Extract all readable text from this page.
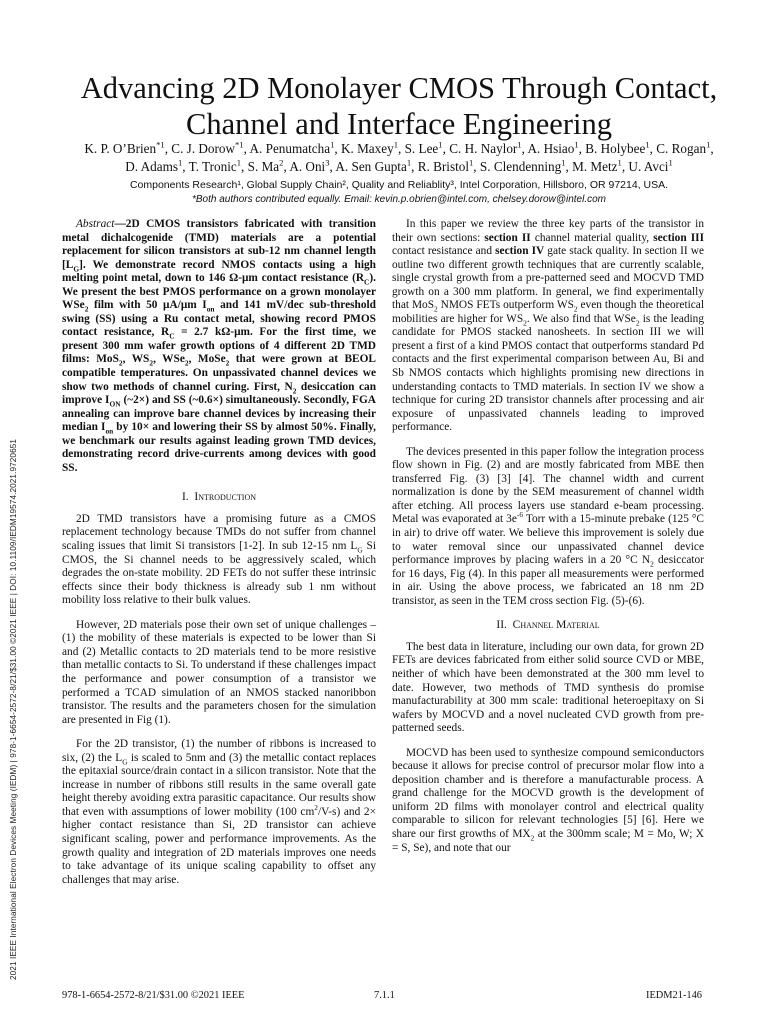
2021 IEEE International Electron Devices Meeting (IEDM) | 978-1-6654-2572-8/21/$31.00 ©2021 IEEE | DOI: 10.1109/IEDM19574.2021.9720651
Advancing 2D Monolayer CMOS Through Contact,
Channel and Interface Engineering
K. P. O’Brien$^{*1}$, C. J. Dorow$^{*1}$, A. Penumatcha$^1$, K. Maxey$^1$, S. Lee$^1$, C. H. Naylor$^1$, A. Hsiao$^1$, B. Holybee$^1$, C. Rogan$^1$,
D. Adams$^1$, T. Tronic$^1$, S. Ma$^2$, A. Oni$^3$, A. Sen Gupta$^1$, R. Bristol$^1$, S. Clendenning$^1$, M. Metz$^1$, U. Avci$^1$
Components Research¹, Global Supply Chain², Quality and Reliablity³, Intel Corporation, Hillsboro, OR 97214, USA.
*Both authors contributed equally. Email: kevin.p.obrien@intel.com, chelsey.dorow@intel.com
Abstract—2D CMOS transistors fabricated with transition metal dichalcogenide (TMD) materials are a potential replacement for silicon transistors at sub-12 nm channel length $[L_G]$. We demonstrate record NMOS contacts using a high melting point metal, down to 146 Ω-μm contact resistance $(R_C)$. We present the best PMOS performance on a grown monolayer WSe$_2$ film with 50 μA/μm $I_{on}$ and 141 mV/dec sub-threshold swing (SS) using a Ru contact metal, showing record PMOS contact resistance, $R_C = 2.7$ kΩ-μm. For the first time, we present 300 mm wafer growth options of 4 different 2D TMD films: MoS$_2$, $WS_2$, WSe$_2$, MoSe$_2$ that were grown at BEOL compatible temperatures. On unpassivated channel devices we show two methods of channel curing. First, $N_2$ desiccation can improve $I_{ON}$ (~2×) and SS (~0.6×) simultaneously. Secondly, FGA annealing can improve bare channel devices by increasing their median $I_{on}$ by 10× and lowering their SS by almost 50%. Finally, we benchmark our results against leading grown TMD devices, demonstrating record drive-currents among devices with good SS.
I. Introduction

2D TMD transistors have a promising future as a CMOS replacement technology because TMDs do not suffer from channel scaling issues that limit Si transistors [1-2]. In sub 12-15 nm $L_G$ Si CMOS, the Si channel needs to be aggressively scaled, which degrades the on-state mobility. 2D FETs do not suffer these intrinsic effects since their body thickness is already sub 1 nm without mobility loss relative to their bulk values.

However, 2D materials pose their own set of unique challenges – (1) the mobility of these materials is expected to be lower than Si and (2) Metallic contacts to 2D materials tend to be more resistive than metallic contacts to Si. To understand if these challenges impact the performance and power consumption of a transistor we performed a TCAD simulation of an NMOS stacked nanoribbon transistor. The results and the parameters chosen for the simulation are presented in Fig (1).

For the 2D transistor, (1) the number of ribbons is increased to six, (2) the $L_G$ is scaled to 5nm and (3) the metallic contact replaces the epitaxial source/drain contact in a silicon transistor. Note that the increase in number of ribbons still results in the same overall gate height thereby avoiding extra parasitic capacitance. Our results show that even with assumptions of lower mobility (100 $cm^2/V-s$) and 2× higher contact resistance than Si, 2D transistor can achieve significant scaling, power and performance improvements. As the growth quality and integration of 2D materials improves one needs to take advantage of its unique scaling capability to offset any challenges that may arise.

In this paper we review the three key parts of the transistor in their own sections: section II channel material quality, section III contact resistance and section IV gate stack quality. In section II we outline two different growth techniques that are currently scalable, single crystal growth from a pre-patterned seed and MOCVD TMD growth on a 300 mm platform. In general, we find experimentally that MoS$_2$ NMOS FETs outperform $WS_2$ even though the theoretical mobilities are higher for $WS_2$. We also find that WSe$_2$ is the leading candidate for PMOS stacked nanosheets. In section III we will present a first of a kind PMOS contact that outperforms standard Pd contacts and the first experimental comparison between Au, Bi and Sb NMOS contacts which highlights promising new directions in understanding contacts to TMD materials. In section IV we show a technique for curing 2D transistor channels after processing and air exposure of unpassivated channels leading to improved performance.

The devices presented in this paper follow the integration process flow shown in Fig. (2) and are mostly fabricated from MBE then transferred Fig. (3) [3] [4]. The channel width and current normalization is done by the SEM measurement of channel width after etching. All process layers use standard e-beam processing. Metal was evaporated at $3e^{-6}$ Torr with a 15-minute prebake (125 °C in air) to drive off water. We believe this improvement is solely due to water removal since our unpassivated channel device performance improves by placing wafers in a 20 °C $N_2$ desiccator for 16 days, Fig (4). In this paper all measurements were performed in air. Using the above process, we fabricated an 18 nm 2D transistor, as seen in the TEM cross section Fig. (5)-(6).

II. Channel Material

The best data in literature, including our own data, for grown 2D FETs are devices fabricated from either solid source CVD or MBE, neither of which have been demonstrated at the 300 mm level to date. However, two methods of TMD synthesis do promise manufacturability at 300 mm scale: traditional heteroepitaxy on Si wafers by MOCVD and a novel nucleated CVD growth from pre-patterned seeds.

MOCVD has been used to synthesize compound semiconductors because it allows for precise control of precursor molar flow into a deposition chamber and is therefore a manufacturable process. A grand challenge for the MOCVD growth is the development of uniform 2D films with monolayer control and electrical quality comparable to silicon for relevant technologies [5] [6]. Here we share our first growths of $MX_2$ at the 300mm scale; M = Mo, W; X = S, Se), and note that our

978-1-6654-2572-8/21/$31.00 ©2021 IEEE	7.1.1	IEDM21-146
